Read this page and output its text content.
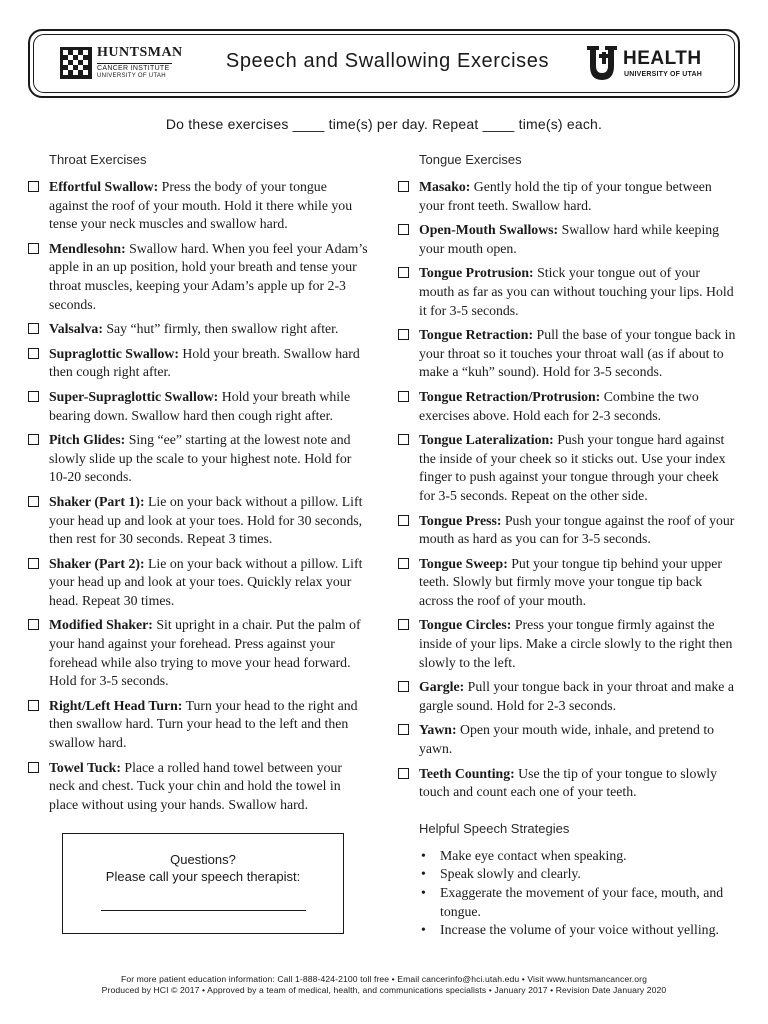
HUNTSMAN
CANCER INSTITUTE
UNIVERSITY OF UTAH
Speech and Swallowing Exercises	HEALTH
UNIVERSITY OF UTAH
Do these exercises ____ time(s) per day. Repeat ____ time(s) each.
Throat Exercises
Effortful Swallow: Press the body of your tongue against the roof of your mouth. Hold it there while you tense your neck muscles and swallow hard.
Mendlesohn: Swallow hard. When you feel your Adam’s apple in an up position, hold your breath and tense your throat muscles, keeping your Adam’s apple up for 2-3 seconds.
Valsalva: Say “hut” firmly, then swallow right after.
Supraglottic Swallow: Hold your breath. Swallow hard then cough right after.
Super-Supraglottic Swallow: Hold your breath while bearing down. Swallow hard then cough right after.
Pitch Glides: Sing “ee” starting at the lowest note and slowly slide up the scale to your highest note. Hold for 10-20 seconds.
Shaker (Part 1): Lie on your back without a pillow. Lift your head up and look at your toes. Hold for 30 seconds, then rest for 30 seconds. Repeat 3 times.
Shaker (Part 2): Lie on your back without a pillow. Lift your head up and look at your toes. Quickly relax your head. Repeat 30 times.
Modified Shaker: Sit upright in a chair. Put the palm of your hand against your forehead. Press against your forehead while also trying to move your head forward. Hold for 3-5 seconds.
Right/Left Head Turn: Turn your head to the right and then swallow hard. Turn your head to the left and then swallow hard.
Towel Tuck: Place a rolled hand towel between your neck and chest. Tuck your chin and hold the towel in place without using your hands. Swallow hard.
Tongue Exercises
Masako: Gently hold the tip of your tongue between your front teeth. Swallow hard.
Open-Mouth Swallows: Swallow hard while keeping your mouth open.
Tongue Protrusion: Stick your tongue out of your mouth as far as you can without touching your lips. Hold it for 3-5 seconds.
Tongue Retraction: Pull the base of your tongue back in your throat so it touches your throat wall (as if about to make a “kuh” sound). Hold for 3-5 seconds.
Tongue Retraction/Protrusion: Combine the two exercises above. Hold each for 2-3 seconds.
Tongue Lateralization: Push your tongue hard against the inside of your cheek so it sticks out. Use your index finger to push against your tongue through your cheek for 3-5 seconds. Repeat on the other side.
Tongue Press: Push your tongue against the roof of your mouth as hard as you can for 3-5 seconds.
Tongue Sweep: Put your tongue tip behind your upper teeth. Slowly but firmly move your tongue tip back across the roof of your mouth.
Tongue Circles: Press your tongue firmly against the inside of your lips. Make a circle slowly to the right then slowly to the left.
Gargle: Pull your tongue back in your throat and make a gargle sound. Hold for 2-3 seconds.
Yawn: Open your mouth wide, inhale, and pretend to yawn.
Teeth Counting: Use the tip of your tongue to slowly touch and count each one of your teeth.
Helpful Speech Strategies
• Make eye contact when speaking.
• Speak slowly and clearly.
• Exaggerate the movement of your face, mouth, and tongue.
• Increase the volume of your voice without yelling.
Questions?
Please call your speech therapist:
For more patient education information: Call 1-888-424-2100 toll free • Email cancerinfo@hci.utah.edu • Visit www.huntsmancancer.org
Produced by HCI © 2017 • Approved by a team of medical, health, and communications specialists • January 2017 • Revision Date January 2020
